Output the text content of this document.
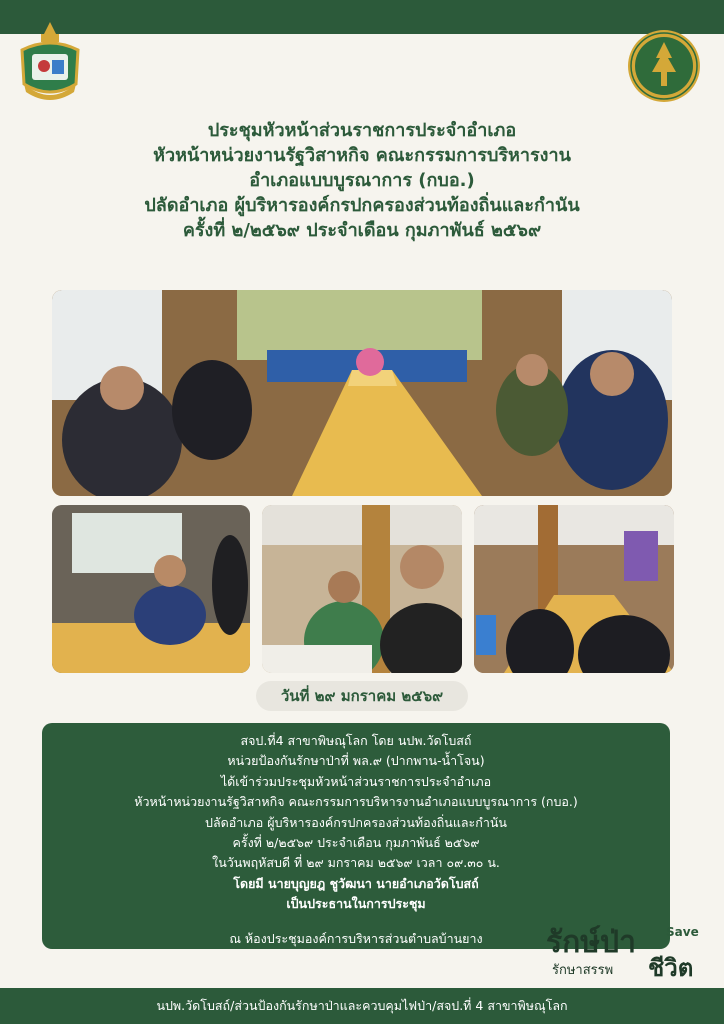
ประชุมหัวหน้าส่วนราชการประจำอำเภอ
หัวหน้าหน่วยงานรัฐวิสาหกิจ คณะกรรมการบริหารงาน
อำเภอแบบบูรณาการ (กบอ.)
ปลัดอำเภอ ผู้บริหารองค์กรปกครองส่วนท้องถิ่นและกำนัน
ครั้งที่ ๒/๒๕๖๙ ประจำเดือน กุมภาพันธ์ ๒๕๖๙
วันที่ ๒๙ มกราคม ๒๕๖๙
สจป.ที่4 สาขาพิษณุโลก โดย นปพ.วัดโบสถ์
หน่วยป้องกันรักษาป่าที่ พล.๙ (ปากพาน-น้ำโจน)
ได้เข้าร่วมประชุมหัวหน้าส่วนราชการประจำอำเภอ
หัวหน้าหน่วยงานรัฐวิสาหกิจ คณะกรรมการบริหารงานอำเภอแบบบูรณาการ (กบอ.)
ปลัดอำเภอ ผู้บริหารองค์กรปกครองส่วนท้องถิ่นและกำนัน
ครั้งที่ ๒/๒๕๖๙ ประจำเดือน กุมภาพันธ์ ๒๕๖๙
ในวันพฤหัสบดี ที่ ๒๙ มกราคม ๒๕๖๙ เวลา ๐๙.๓๐ น.
โดยมี นายบุญยฎ ชูวัฒนา นายอำเภอวัดโบสถ์
เป็นประธานในการประชุม
ณ ห้องประชุมองค์การบริหารส่วนตำบลบ้านยาง	รักษ์ป่า	Save
รักษาสรรพ ชีวิต
นปพ.วัดโบสถ์/ส่วนป้องกันรักษาป่าและควบคุมไฟป่า/สจป.ที่ 4 สาขาพิษณุโลก
